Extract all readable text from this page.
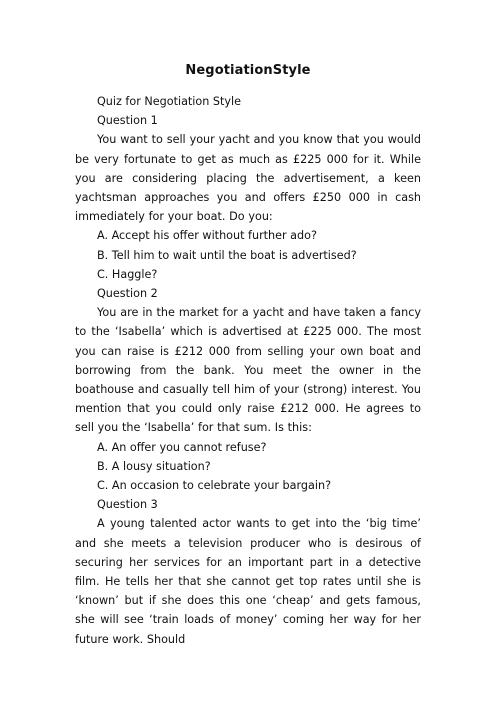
NegotiationStyle

Quiz for Negotiation Style

Question 1

You want to sell your yacht and you know that you would be very fortunate to get as much as £225 000 for it. While you are considering placing the advertisement, a keen yachtsman approaches you and offers £250 000 in cash immediately for your boat. Do you:

A. Accept his offer without further ado?

B. Tell him to wait until the boat is advertised?

C. Haggle?

Question 2

You are in the market for a yacht and have taken a fancy to the ‘Isabella’ which is advertised at £225 000. The most you can raise is £212 000 from selling your own boat and borrowing from the bank. You meet the owner in the boathouse and casually tell him of your (strong) interest. You mention that you could only raise £212 000. He agrees to sell you the ‘Isabella’ for that sum. Is this:

A. An offer you cannot refuse?

B. A lousy situation?

C. An occasion to celebrate your bargain?

Question 3

A young talented actor wants to get into the ‘big time’ and she meets a television producer who is desirous of securing her services for an important part in a detective film. He tells her that she cannot get top rates until she is ‘known’ but if she does this one ‘cheap’ and gets famous, she will see ‘train loads of money’ coming her way for her future work. Should
